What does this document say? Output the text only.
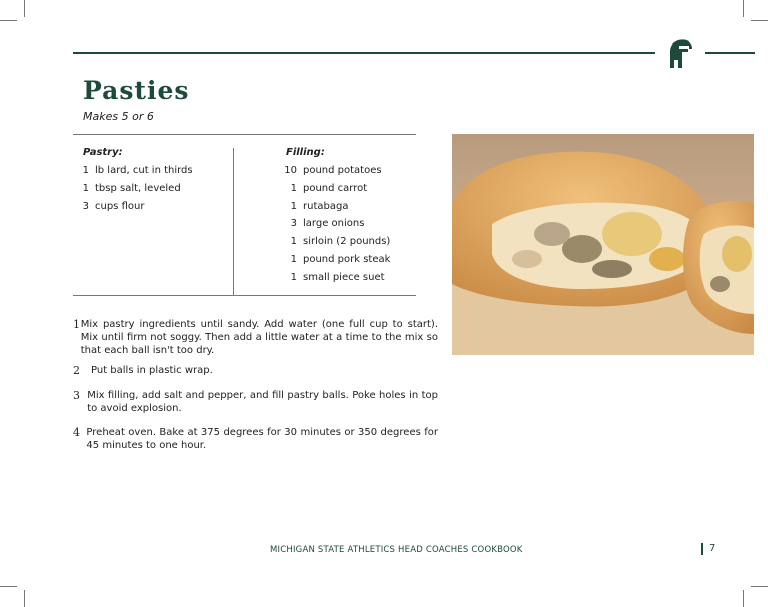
Pasties
Makes 5 or 6
Pastry:
1 lb lard, cut in thirds
1 tbsp salt, leveled
3 cups flour
Filling:
10 pound potatoes
1 pound carrot
1 rutabaga
3 large onions
1 sirloin (2 pounds)
1 pound pork steak
1 small piece suet
1 Mix pastry ingredients until sandy. Add water (one full cup to start). Mix until firm not soggy. Then add a little water at a time to the mix so that each ball isn't too dry.
2	Put balls in plastic wrap.
3 Mix filling, add salt and pepper, and fill pastry balls. Poke holes in top to avoid explosion.
4 Preheat oven. Bake at 375 degrees for 30 minutes or 350 degrees for 45 minutes to one hour.
MICHIGAN STATE ATHLETICS HEAD COACHES COOKBOOK	7
